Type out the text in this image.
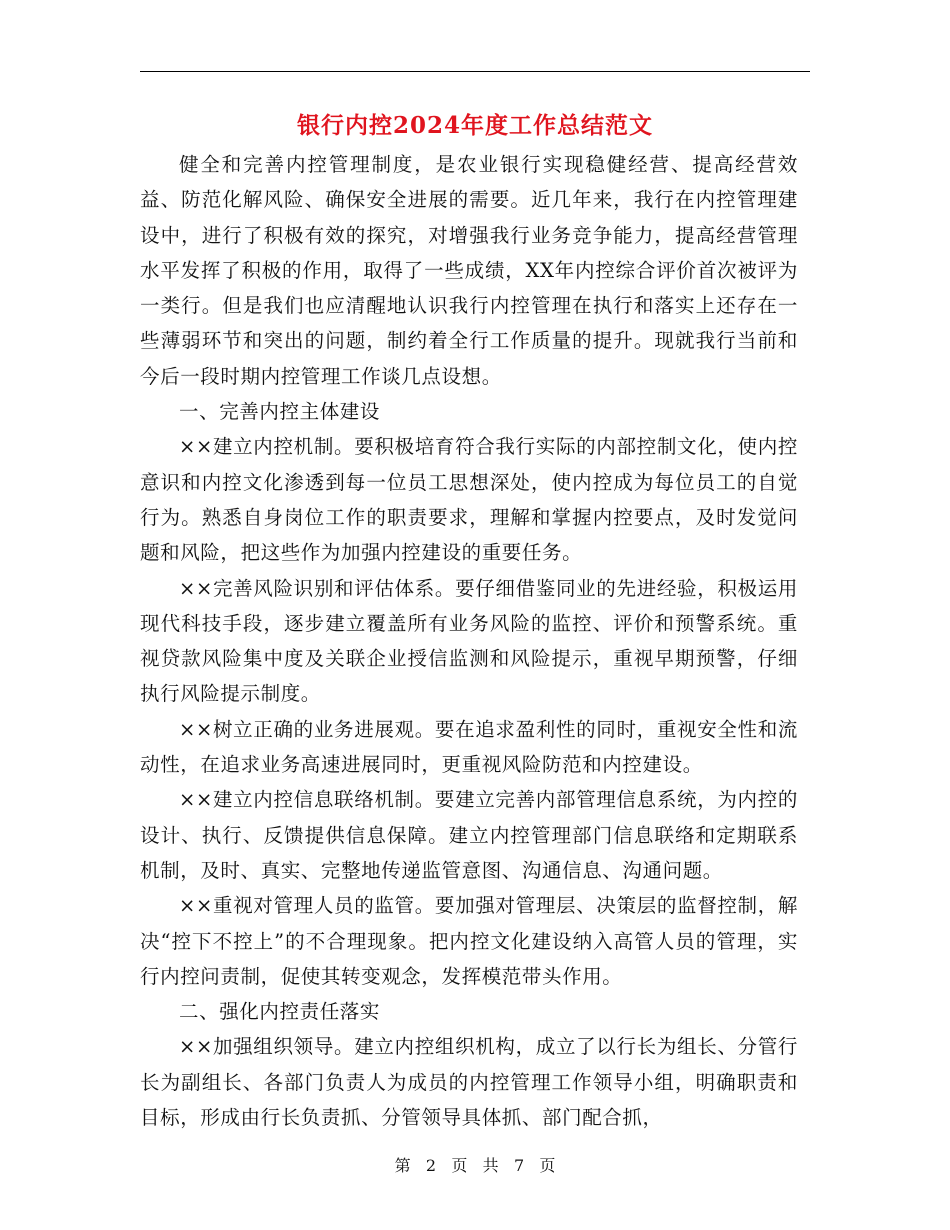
银行内控2024年度工作总结范文

健全和完善内控管理制度，是农业银行实现稳健经营、提高经营效益、防范化解风险、确保安全进展的需要。近几年来，我行在内控管理建设中，进行了积极有效的探究，对增强我行业务竞争能力，提高经营管理水平发挥了积极的作用，取得了一些成绩，XX年内控综合评价首次被评为一类行。但是我们也应清醒地认识我行内控管理在执行和落实上还存在一些薄弱环节和突出的问题，制约着全行工作质量的提升。现就我行当前和今后一段时期内控管理工作谈几点设想。

一、完善内控主体建设

××建立内控机制。要积极培育符合我行实际的内部控制文化，使内控意识和内控文化渗透到每一位员工思想深处，使内控成为每位员工的自觉行为。熟悉自身岗位工作的职责要求，理解和掌握内控要点，及时发觉问题和风险，把这些作为加强内控建设的重要任务。

××完善风险识别和评估体系。要仔细借鉴同业的先进经验，积极运用现代科技手段，逐步建立覆盖所有业务风险的监控、评价和预警系统。重视贷款风险集中度及关联企业授信监测和风险提示，重视早期预警，仔细执行风险提示制度。

××树立正确的业务进展观。要在追求盈利性的同时，重视安全性和流动性，在追求业务高速进展同时，更重视风险防范和内控建设。

××建立内控信息联络机制。要建立完善内部管理信息系统，为内控的设计、执行、反馈提供信息保障。建立内控管理部门信息联络和定期联系机制，及时、真实、完整地传递监管意图、沟通信息、沟通问题。

××重视对管理人员的监管。要加强对管理层、决策层的监督控制，解决“控下不控上”的不合理现象。把内控文化建设纳入高管人员的管理，实行内控问责制，促使其转变观念，发挥模范带头作用。

二、强化内控责任落实

××加强组织领导。建立内控组织机构，成立了以行长为组长、分管行长为副组长、各部门负责人为成员的内控管理工作领导小组，明确职责和目标，形成由行长负责抓、分管领导具体抓、部门配合抓，

第 2 页 共 7 页
